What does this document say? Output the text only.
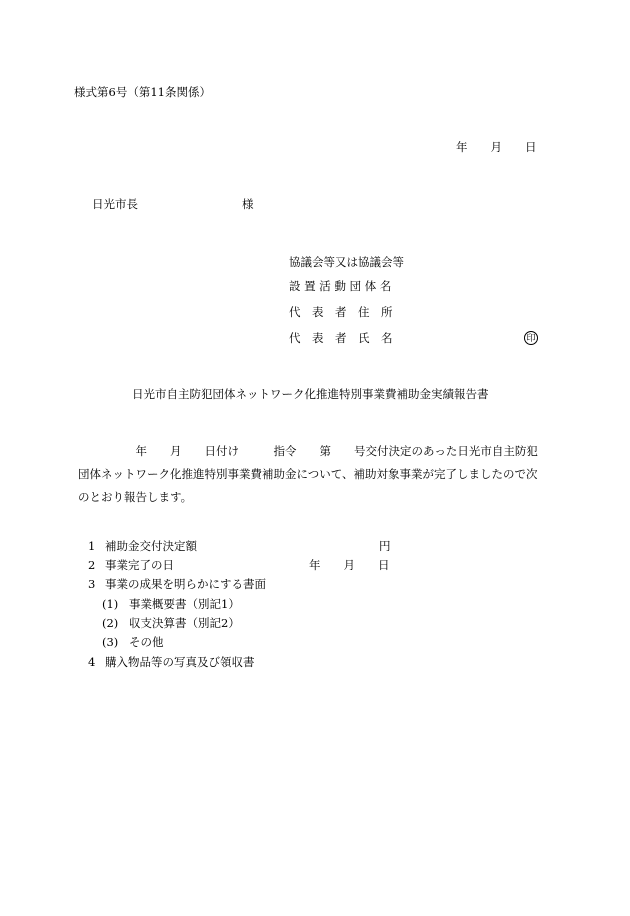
様式第6号（第11条関係）
年　　月　　日
日光市長	様
協議会等又は協議会等
設 置 活 動 団 体 名
代　表　者　住　所
代　表　者　氏　名	印
日光市自主防犯団体ネットワーク化推進特別事業費補助金実績報告書
　　　　　年　　月　　日付け　　　指令　　第　　号交付決定のあった日光市自主防犯
団体ネットワーク化推進特別事業費補助金について、補助対象事業が完了しましたので次
のとおり報告します。
1 補助金交付決定額	円
2 事業完了の日	年　　月　　日
3 事業の成果を明らかにする書面
(1) 事業概要書（別記1）
(2) 収支決算書（別記2）
(3) その他
4 購入物品等の写真及び領収書
